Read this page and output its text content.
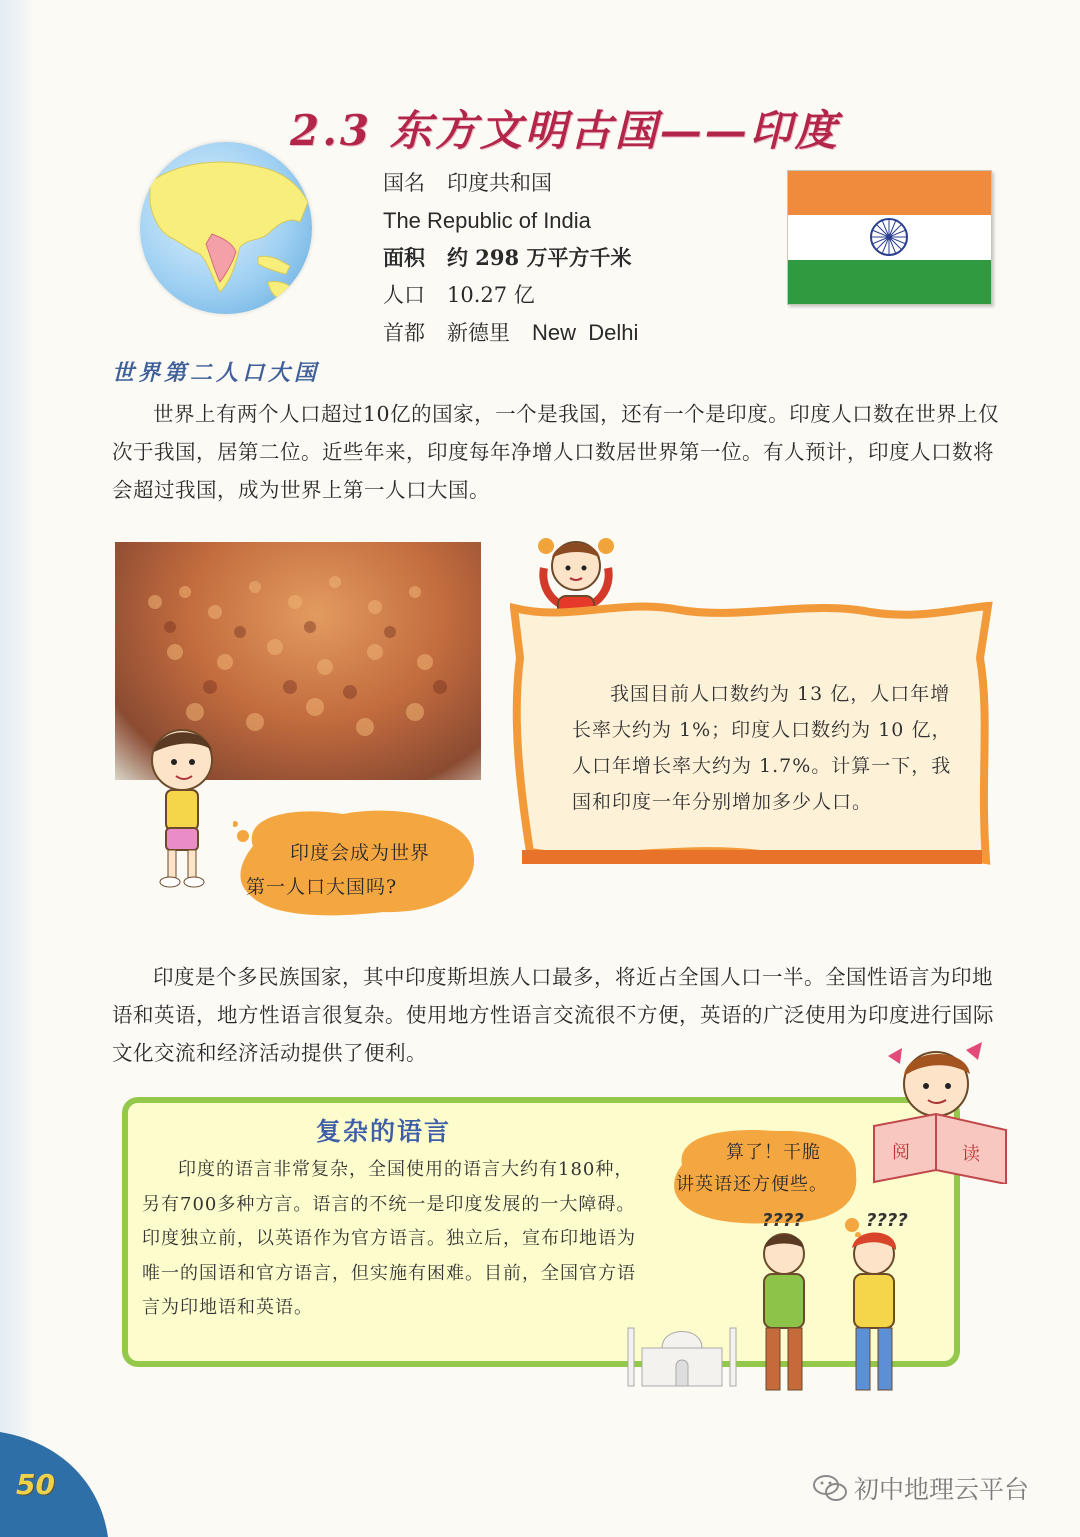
2.3 东方文明古国——印度
国名 印度共和国
The Republic of India
面积 约 298 万平方千米
人口 10.27 亿
首都 新德里 New  Delhi
世界第二人口大国

世界上有两个人口超过10亿的国家，一个是我国，还有一个是印度。印度人口数在世界上仅次于我国，居第二位。近些年来，印度每年净增人口数居世界第一位。有人预计，印度人口数将会超过我国，成为世界上第一人口大国。

印度会成为世界
第一人口大国吗?

我国目前人口数约为 13 亿，人口年增长率大约为 1%；印度人口数约为 10 亿，人口年增长率大约为 1.7%。计算一下，我国和印度一年分别增加多少人口。

印度是个多民族国家，其中印度斯坦族人口最多，将近占全国人口一半。全国性语言为印地语和英语，地方性语言很复杂。使用地方性语言交流很不方便，英语的广泛使用为印度进行国际文化交流和经济活动提供了便利。

复杂的语言

印度的语言非常复杂，全国使用的语言大约有180种，另有700多种方言。语言的不统一是印度发展的一大障碍。印度独立前，以英语作为官方语言。独立后，宣布印地语为唯一的国语和官方语言，但实施有困难。目前，全国官方语言为印地语和英语。

算了！干脆
讲英语还方便些。
阅	读
????	????
50	初中地理云平台
